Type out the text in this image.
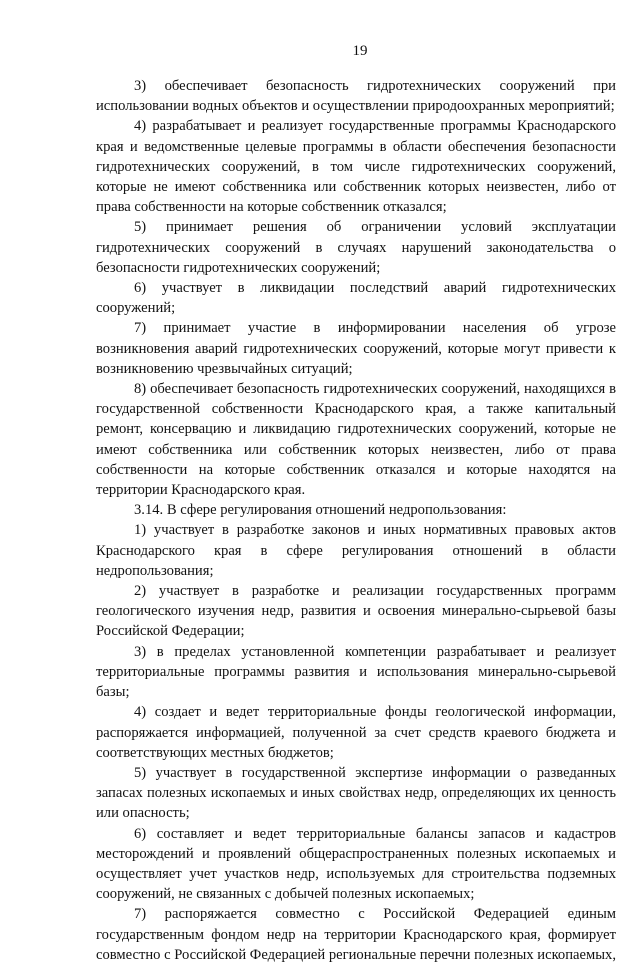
19

3) обеспечивает безопасность гидротехнических сооружений при использовании водных объектов и осуществлении природоохранных мероприятий;

4) разрабатывает и реализует государственные программы Краснодарского края и ведомственные целевые программы в области обеспечения безопасности гидротехнических сооружений, в том числе гидротехнических сооружений, которые не имеют собственника или собственник которых неизвестен, либо от права собственности на которые собственник отказался;

5) принимает решения об ограничении условий эксплуатации гидротехнических сооружений в случаях нарушений законодательства о безопасности гидротехнических сооружений;

6) участвует в ликвидации последствий аварий гидротехнических сооружений;

7) принимает участие в информировании населения об угрозе возникновения аварий гидротехнических сооружений, которые могут привести к возникновению чрезвычайных ситуаций;

8) обеспечивает безопасность гидротехнических сооружений, находящихся в государственной собственности Краснодарского края, а также капитальный ремонт, консервацию и ликвидацию гидротехнических сооружений, которые не имеют собственника или собственник которых неизвестен, либо от права собственности на которые собственник отказался и которые находятся на территории Краснодарского края.

3.14. В сфере регулирования отношений недропользования:

1) участвует в разработке законов и иных нормативных правовых актов Краснодарского края в сфере регулирования отношений в области недропользования;

2) участвует в разработке и реализации государственных программ геологического изучения недр, развития и освоения минерально-сырьевой базы Российской Федерации;

3) в пределах установленной компетенции разрабатывает и реализует территориальные программы развития и использования минерально-сырьевой базы;

4) создает и ведет территориальные фонды геологической информации, распоряжается информацией, полученной за счет средств краевого бюджета и соответствующих местных бюджетов;

5) участвует в государственной экспертизе информации о разведанных запасах полезных ископаемых и иных свойствах недр, определяющих их ценность или опасность;

6) составляет и ведет территориальные балансы запасов и кадастров месторождений и проявлений общераспространенных полезных ископаемых и осуществляет учет участков недр, используемых для строительства подземных сооружений, не связанных с добычей полезных ископаемых;

7) распоряжается совместно с Российской Федерацией единым государственным фондом недр на территории Краснодарского края, формирует совместно с Российской Федерацией региональные перечни полезных ископаемых,
